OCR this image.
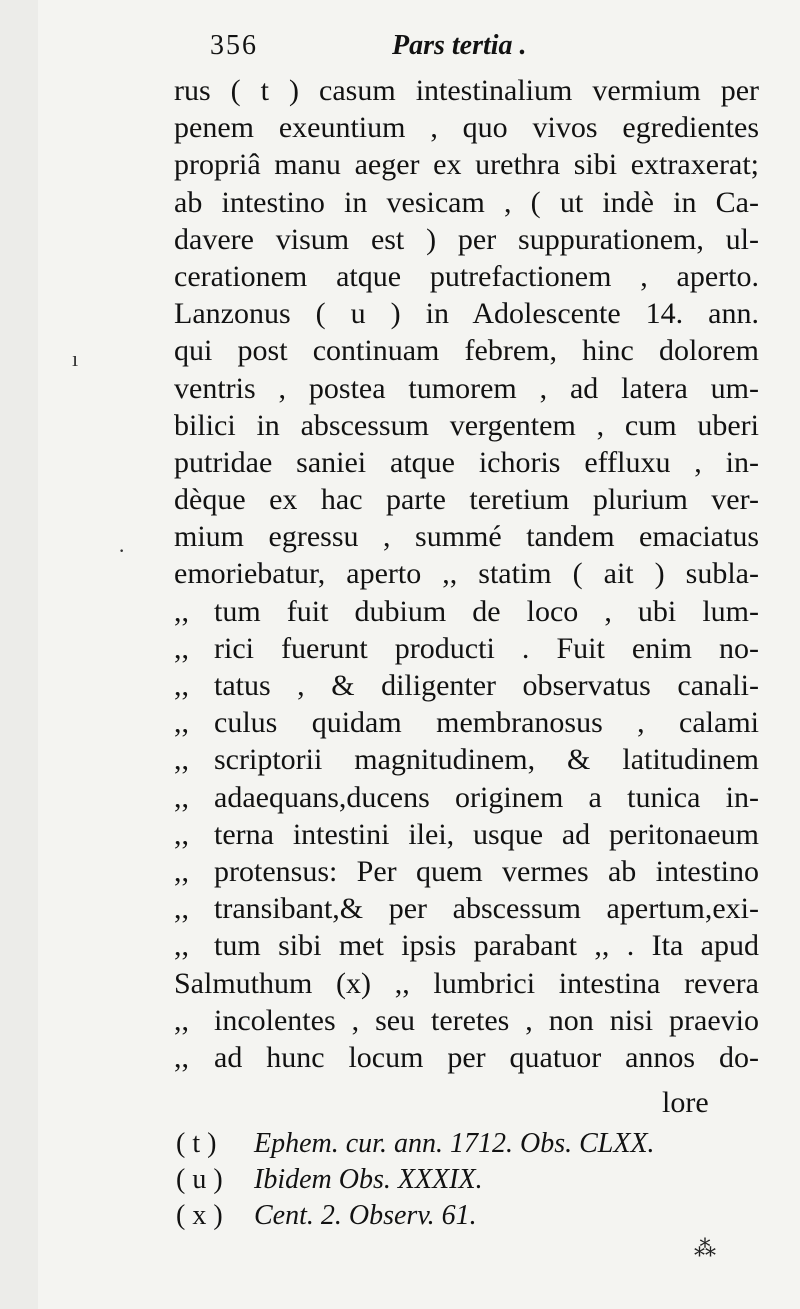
356	Pars tertia .
rus ( t ) casum intestinalium vermium per
penem exeuntium , quo vivos egredientes
propriâ manu aeger ex urethra sibi extraxerat;
ab intestino in vesicam , ( ut indè in Ca-
davere visum est ) per suppurationem, ul-
cerationem atque putrefactionem , aperto.
Lanzonus ( u ) in Adolescente 14. ann.
qui post continuam febrem, hinc dolorem
ventris , postea tumorem , ad latera um-
bilici in abscessum vergentem , cum uberi
putridae saniei atque ichoris effluxu , in-
dèque ex hac parte teretium plurium ver-
mium egressu , summé tandem emaciatus
emoriebatur, aperto ,, statim ( ait ) subla-
,, tum fuit dubium de loco , ubi lum-
,, rici fuerunt producti . Fuit enim no-
,, tatus , & diligenter observatus canali-
,, culus quidam membranosus , calami
,, scriptorii magnitudinem, & latitudinem
,, adaequans,ducens originem a tunica in-
,, terna intestini ilei, usque ad peritonaeum
,, protensus: Per quem vermes ab intestino
,, transibant,& per abscessum apertum,exi-
,, tum sibi met ipsis parabant ,, . Ita apud
Salmuthum (x) ,, lumbrici intestina revera
,, incolentes , seu teretes , non nisi praevio
,, ad hunc locum per quatuor annos do-
lore
( t ) Ephem. cur. ann. 1712. Obs. CLXX.
( u ) Ibidem Obs. XXXIX.
( x ) Cent. 2. Observ. 61.
ı
·
⁂
